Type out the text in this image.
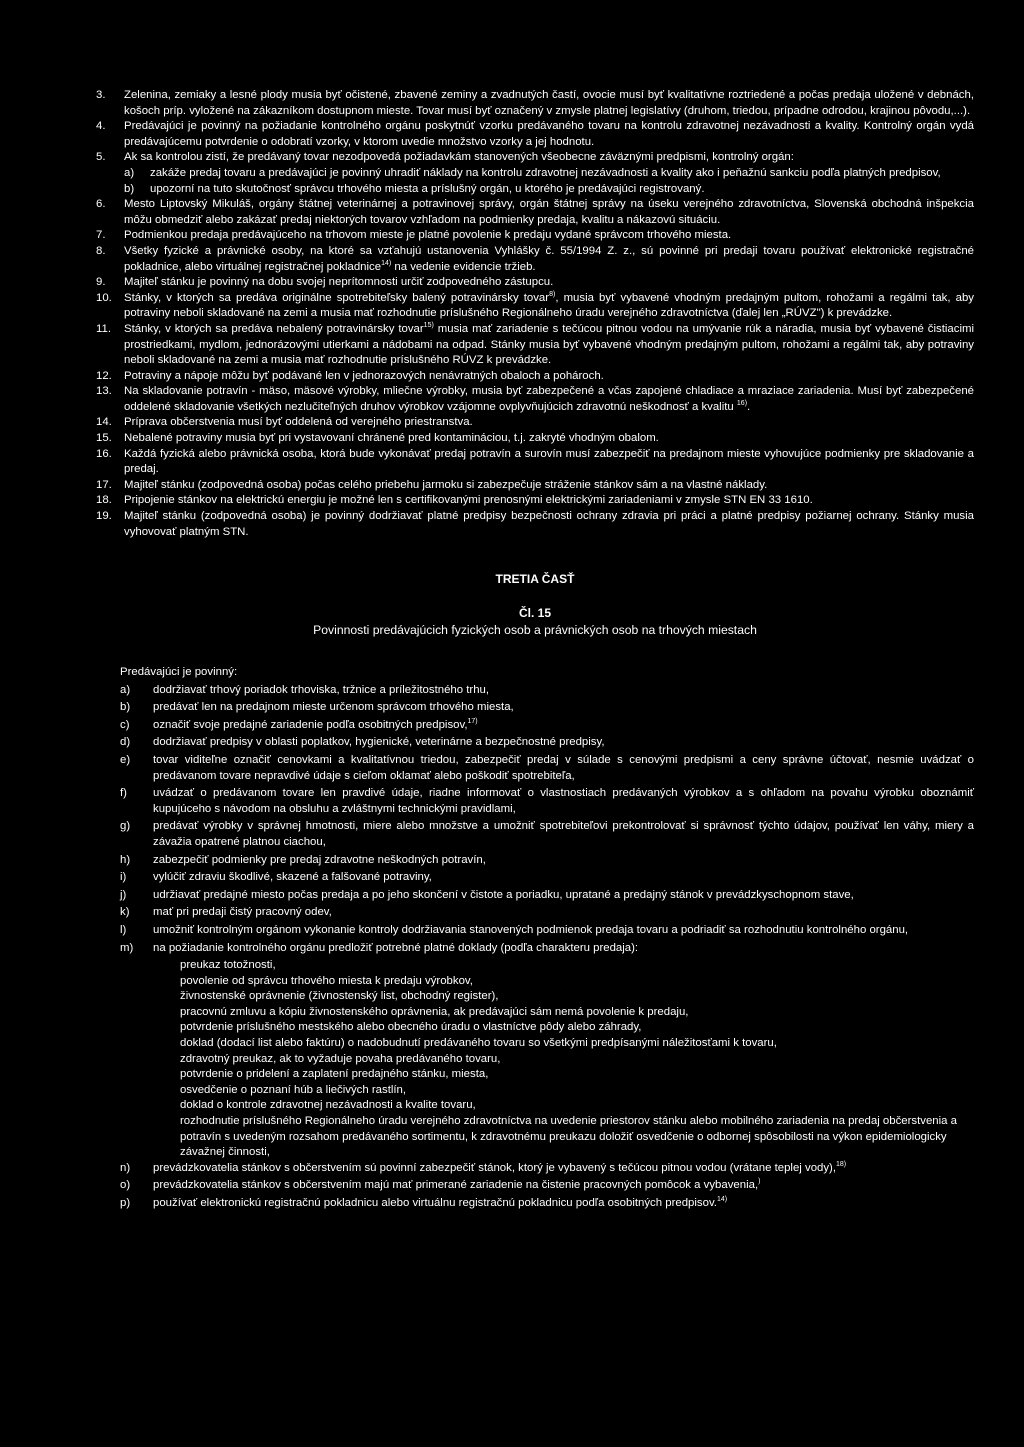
3.	Zelenina, zemiaky a lesné plody musia byť očistené, zbavené zeminy a zvadnutých častí, ovocie musí byť kvalitatívne roztriedené a počas predaja uložené v debnách, košoch príp. vyložené na zákazníkom dostupnom mieste. Tovar musí byť označený v zmysle platnej legislatívy (druhom, triedou, prípadne odrodou, krajinou pôvodu,...).
4.	Predávajúci je povinný na požiadanie kontrolného orgánu poskytnúť vzorku predávaného tovaru na kontrolu zdravotnej nezávadnosti a kvality. Kontrolný orgán vydá predávajúcemu potvrdenie o odobratí vzorky, v ktorom uvedie množstvo vzorky a jej hodnotu.
5.	Ak sa kontrolou zistí, že predávaný tovar nezodpovedá požiadavkám stanovených všeobecne záväznými predpismi, kontrolný orgán:
a)	zakáže predaj tovaru a predávajúci je povinný uhradiť náklady na kontrolu zdravotnej nezávadnosti a kvality ako i peňažnú sankciu podľa platných predpisov,
b)	upozorní na tuto skutočnosť správcu trhového miesta a príslušný orgán, u ktorého je predávajúci registrovaný.
6.	Mesto Liptovský Mikuláš, orgány štátnej veterinárnej a potravinovej správy, orgán štátnej správy na úseku verejného zdravotníctva, Slovenská obchodná inšpekcia môžu obmedziť alebo zakázať predaj niektorých tovarov vzhľadom na podmienky predaja, kvalitu a nákazovú situáciu.
7.	Podmienkou predaja predávajúceho na trhovom mieste je platné povolenie k predaju vydané správcom trhového miesta.
8.	Všetky fyzické a právnické osoby, na ktoré sa vzťahujú ustanovenia Vyhlášky č. 55/1994 Z. z., sú povinné pri predaji tovaru používať elektronické registračné pokladnice, alebo virtuálnej registračnej pokladnice$^{14)}$ na vedenie evidencie tržieb.
9.	Majiteľ stánku je povinný na dobu svojej neprítomnosti určiť zodpovedného zástupcu.
10.	Stánky, v ktorých sa predáva originálne spotrebiteľsky balený potravinársky tovar$^{8)}$, musia byť vybavené vhodným predajným pultom, rohožami a regálmi tak, aby potraviny neboli skladované na zemi a musia mať rozhodnutie príslušného Regionálneho úradu verejného zdravotníctva (ďalej len „RÚVZ") k prevádzke.
11.	Stánky, v ktorých sa predáva nebalený potravinársky tovar$^{15)}$ musia mať zariadenie s tečúcou pitnou vodou na umývanie rúk a náradia, musia byť vybavené čistiacimi prostriedkami, mydlom, jednorázovými utierkami a nádobami na odpad. Stánky musia byť vybavené vhodným predajným pultom, rohožami a regálmi tak, aby potraviny neboli skladované na zemi a musia mať rozhodnutie príslušného RÚVZ k prevádzke.
12.	Potraviny a nápoje môžu byť podávané len v jednorazových nenávratných obaloch a pohároch.
13.	Na skladovanie potravín - mäso, mäsové výrobky, mliečne výrobky, musia byť zabezpečené a včas zapojené chladiace a mraziace zariadenia. Musí byť zabezpečené oddelené skladovanie všetkých nezlučiteľných druhov výrobkov vzájomne ovplyvňujúcich zdravotnú neškodnosť a kvalitu $^{16)}$.
14.	Príprava občerstvenia musí byť oddelená od verejného priestranstva.
15.	Nebalené potraviny musia byť pri vystavovaní chránené pred kontamináciou, t.j. zakryté vhodným obalom.
16.	Každá fyzická alebo právnická osoba, ktorá bude vykonávať predaj potravín a surovín musí zabezpečiť na predajnom mieste vyhovujúce podmienky pre skladovanie a predaj.
17.	Majiteľ stánku (zodpovedná osoba) počas celého priebehu jarmoku si zabezpečuje stráženie stánkov sám a na vlastné náklady.
18.	Pripojenie stánkov na elektrickú energiu je možné len s certifikovanými prenosnými elektrickými zariadeniami v zmysle STN EN 33 1610.
19.	Majiteľ stánku (zodpovedná osoba) je povinný dodržiavať platné predpisy bezpečnosti ochrany zdravia pri práci a platné predpisy požiarnej ochrany. Stánky musia vyhovovať platným STN.
TRETIA ČASŤ
Čl. 15
Povinnosti predávajúcich fyzických osob a právnických osob na trhových miestach
Predávajúci je povinný:
a)	dodržiavať trhový poriadok trhoviska, tržnice a príležitostného trhu,
b)	predávať len na predajnom mieste určenom správcom trhového miesta,
c)	označiť svoje predajné zariadenie podľa osobitných predpisov,$^{17)}$
d)	dodržiavať predpisy v oblasti poplatkov, hygienické, veterinárne a bezpečnostné predpisy,
e)	tovar viditeľne označiť cenovkami a kvalitatívnou triedou, zabezpečiť predaj v súlade s cenovými predpismi a ceny správne účtovať, nesmie uvádzať o predávanom tovare nepravdivé údaje s cieľom oklamať alebo poškodiť spotrebiteľa,
f)	uvádzať o predávanom tovare len pravdivé údaje, riadne informovať o vlastnostiach predávaných výrobkov a s ohľadom na povahu výrobku oboznámiť kupujúceho s návodom na obsluhu a zvláštnymi technickými pravidlami,
g)	predávať výrobky v správnej hmotnosti, miere alebo množstve a umožniť spotrebiteľovi prekontrolovať si správnosť týchto údajov, používať len váhy, miery a závažia opatrené platnou ciachou,
h)	zabezpečiť podmienky pre predaj zdravotne neškodných potravín,
i)	vylúčiť zdraviu škodlivé, skazené a falšované potraviny,
j)	udržiavať predajné miesto počas predaja a po jeho skončení v čistote a poriadku, upratané a predajný stánok v prevádzkyschopnom stave,
k)	mať pri predaji čistý pracovný odev,
l)	umožniť kontrolným orgánom vykonanie kontroly dodržiavania stanovených podmienok predaja tovaru a podriadiť sa rozhodnutiu kontrolného orgánu,
m)	na požiadanie kontrolného orgánu predložiť potrebné platné doklady (podľa charakteru predaja):
preukaz totožnosti,
povolenie od správcu trhového miesta k predaju výrobkov,
živnostenské oprávnenie (živnostenský list, obchodný register),
pracovnú zmluvu a kópiu živnostenského oprávnenia, ak predávajúci sám nemá povolenie k predaju,
potvrdenie príslušného mestského alebo obecného úradu o vlastníctve pôdy alebo záhrady,
doklad (dodací list alebo faktúru) o nadobudnutí predávaného tovaru so všetkými predpísanými náležitosťami k tovaru,
zdravotný preukaz, ak to vyžaduje povaha predávaného tovaru,
potvrdenie o pridelení a zaplatení predajného stánku, miesta,
osvedčenie o poznaní húb a liečivých rastlín,
doklad o kontrole zdravotnej nezávadnosti a kvalite tovaru,
rozhodnutie príslušného Regionálneho úradu verejného zdravotníctva na uvedenie priestorov stánku alebo mobilného zariadenia na predaj občerstvenia a potravín s uvedeným rozsahom predávaného sortimentu, k zdravotnému preukazu doložiť osvedčenie o odbornej spôsobilosti na výkon epidemiologicky závažnej činnosti,
n)	prevádzkovatelia stánkov s občerstvením sú povinní zabezpečiť stánok, ktorý je vybavený s tečúcou pitnou vodou (vrátane teplej vody),$^{18)}$
o)	prevádzkovatelia stánkov s občerstvením majú mať primerané zariadenie na čistenie pracovných pomôcok a vybavenia,)
p)	používať elektronickú registračnú pokladnicu alebo virtuálnu registračnú pokladnicu podľa osobitných predpisov.$^{14)}$
